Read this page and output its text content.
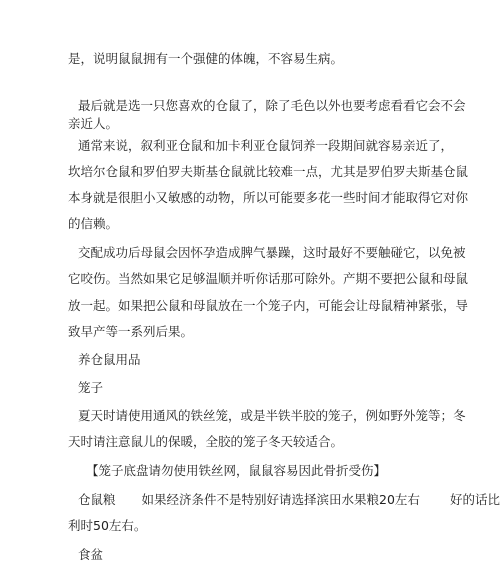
是，说明鼠鼠拥有一个强健的体魄，不容易生病。

最后就是选一只您喜欢的仓鼠了，除了毛色以外也要考虑看看它会不会

亲近人。

通常来说，叙利亚仓鼠和加卡利亚仓鼠饲养一段期间就容易亲近了，

坎培尔仓鼠和罗伯罗夫斯基仓鼠就比较难一点，尤其是罗伯罗夫斯基仓鼠

本身就是很胆小又敏感的动物，所以可能要多花一些时间才能取得它对你

的信赖。

交配成功后母鼠会因怀孕造成脾气暴躁，这时最好不要触碰它，以免被

它咬伤。当然如果它足够温顺并听你话那可除外。产期不要把公鼠和母鼠

放一起。如果把公鼠和母鼠放在一个笼子内，可能会让母鼠精神紧张，导

致早产等一系列后果。

养仓鼠用品

笼子

夏天时请使用通风的铁丝笼，或是半铁半胶的笼子，例如野外笼等；冬

天时请注意鼠儿的保暖，全胶的笼子冬天较适合。

【笼子底盘请勿使用铁丝网，鼠鼠容易因此骨折受伤】

仓鼠粮 如果经济条件不是特别好请选择滨田水果粮20左右 好的话比

利时50左右。

食盆
